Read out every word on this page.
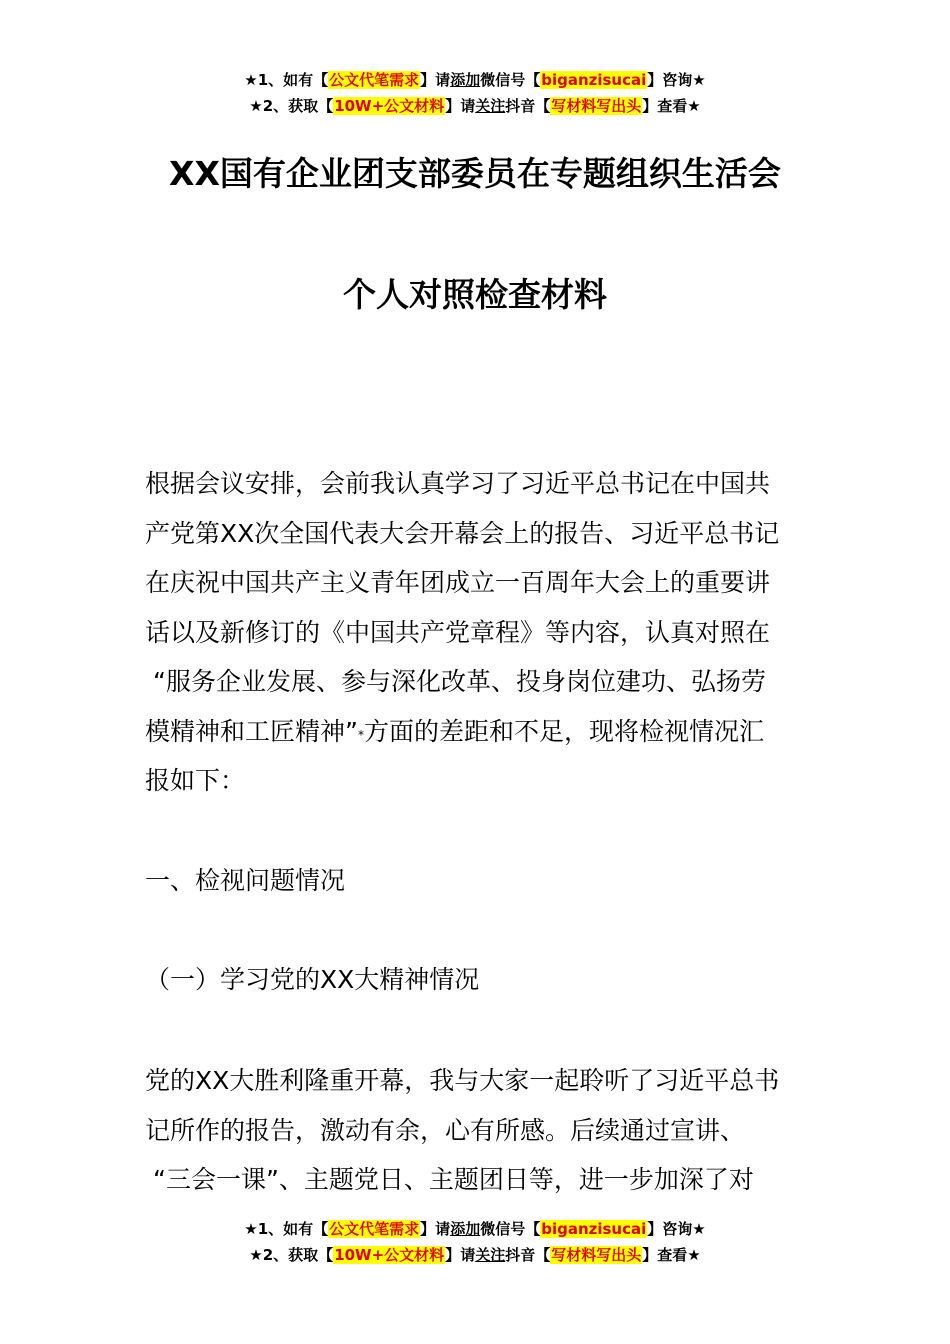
★1、如有【公文代笔需求】请添加微信号【biganzisucai】咨询★
★2、获取【10W+公文材料】请关注抖音【写材料写出头】查看★
XX国有企业团支部委员在专题组织生活会
个人对照检查材料
根据会议安排，会前我认真学习了习近平总书记在中国共
产党第XX次全国代表大会开幕会上的报告、习近平总书记
在庆祝中国共产主义青年团成立一百周年大会上的重要讲
话以及新修订的《中国共产党章程》等内容，认真对照在
“服务企业发展、参与深化改革、投身岗位建功、弘扬劳
模精神和工匠精神”*方面的差距和不足，现将检视情况汇
报如下：
一、检视问题情况
（一）学习党的XX大精神情况
党的XX大胜利隆重开幕，我与大家一起聆听了习近平总书
记所作的报告，激动有余，心有所感。后续通过宣讲、
“三会一课”、主题党日、主题团日等，进一步加深了对
★1、如有【公文代笔需求】请添加微信号【biganzisucai】咨询★
★2、获取【10W+公文材料】请关注抖音【写材料写出头】查看★
